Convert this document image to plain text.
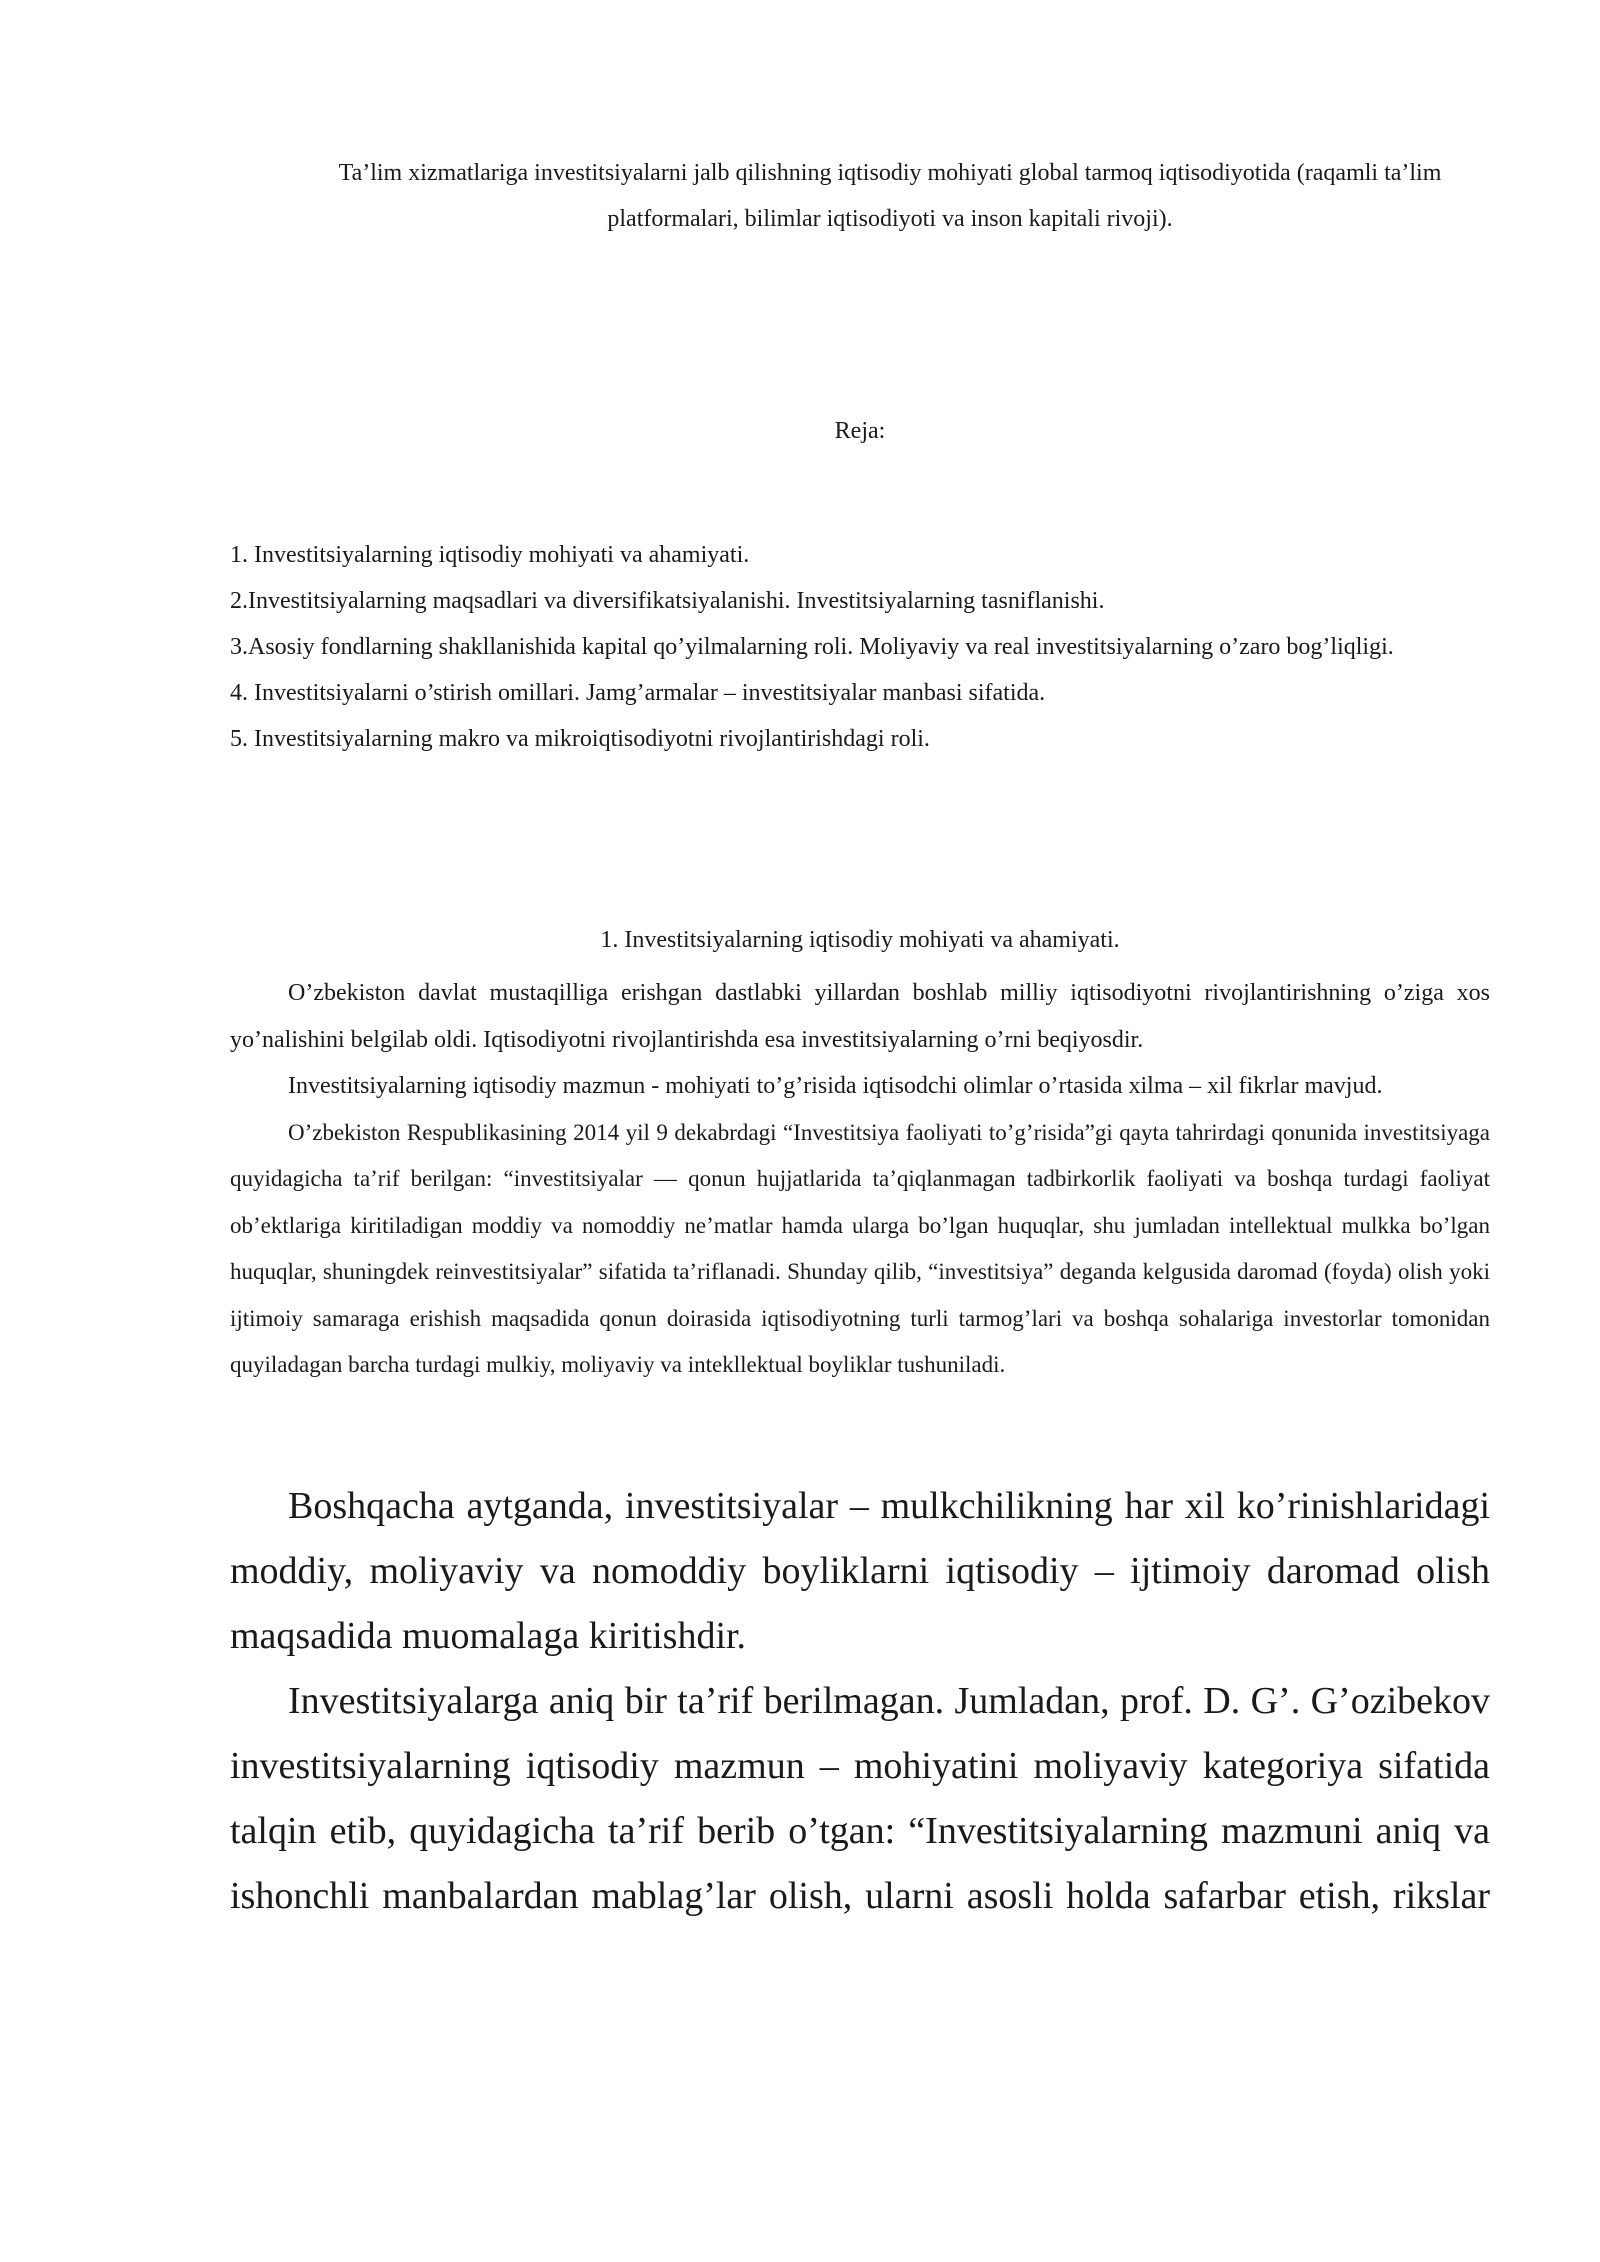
Ta’lim xizmatlariga investitsiyalarni jalb qilishning iqtisodiy mohiyati global tarmoq iqtisodiyotida (raqamli ta’lim platformalari, bilimlar iqtisodiyoti va inson kapitali rivoji).
Reja:
1. Investitsiyalarning iqtisodiy mohiyati va ahamiyati.
2.Investitsiyalarning maqsadlari va diversifikatsiyalanishi. Investitsiyalarning tasniflanishi.
3.Asosiy fondlarning shakllanishida kapital qo’yilmalarning roli. Moliyaviy va real investitsiyalarning o’zaro bog’liqligi.
4. Investitsiyalarni o’stirish omillari. Jamg’armalar – investitsiyalar manbasi sifatida.
5. Investitsiyalarning makro va mikroiqtisodiyotni rivojlantirishdagi roli.
1. Investitsiyalarning iqtisodiy mohiyati va ahamiyati.

O’zbekiston davlat mustaqilliga erishgan dastlabki yillardan boshlab milliy iqtisodiyotni rivojlantirishning o’ziga xos yo’nalishini belgilab oldi. Iqtisodiyotni rivojlantirishda esa investitsiyalarning o’rni beqiyosdir.

Investitsiyalarning iqtisodiy mazmun - mohiyati to’g’risida iqtisodchi olimlar o’rtasida xilma – xil fikrlar mavjud.

O’zbekiston Respublikasining 2014 yil 9 dekabrdagi “Investitsiya faoliyati to’g’risida”gi qayta tahrirdagi qonunida investitsiyaga quyidagicha ta’rif berilgan: “investitsiyalar — qonun hujjatlarida ta’qiqlanmagan tadbirkorlik faoliyati va boshqa turdagi faoliyat ob’ektlariga kiritiladigan moddiy va nomoddiy ne’matlar hamda ularga bo’lgan huquqlar, shu jumladan intellektual mulkka bo’lgan huquqlar, shuningdek reinvestitsiyalar” sifatida ta’riflanadi. Shunday qilib, “investitsiya” deganda kelgusida daromad (foyda) olish yoki ijtimoiy samaraga erishish maqsadida qonun doirasida iqtisodiyotning turli tarmog’lari va boshqa sohalariga investorlar tomonidan quyiladagan barcha turdagi mulkiy, moliyaviy va intekllektual boyliklar tushuniladi.

Boshqacha aytganda, investitsiyalar – mulkchilikning har xil ko’rinishlaridagi moddiy, moliyaviy va nomoddiy boyliklarni iqtisodiy – ijtimoiy daromad olish maqsadida muomalaga kiritishdir.

Investitsiyalarga aniq bir ta’rif berilmagan. Jumladan, prof. D. G’. G’ozibekov investitsiyalarning iqtisodiy mazmun – mohiyatini moliyaviy kategoriya sifatida talqin etib, quyidagicha ta’rif berib o’tgan: “Investitsiyalarning mazmuni aniq va ishonchli manbalardan mablag’lar olish, ularni asosli holda safarbar etish, rikslar
